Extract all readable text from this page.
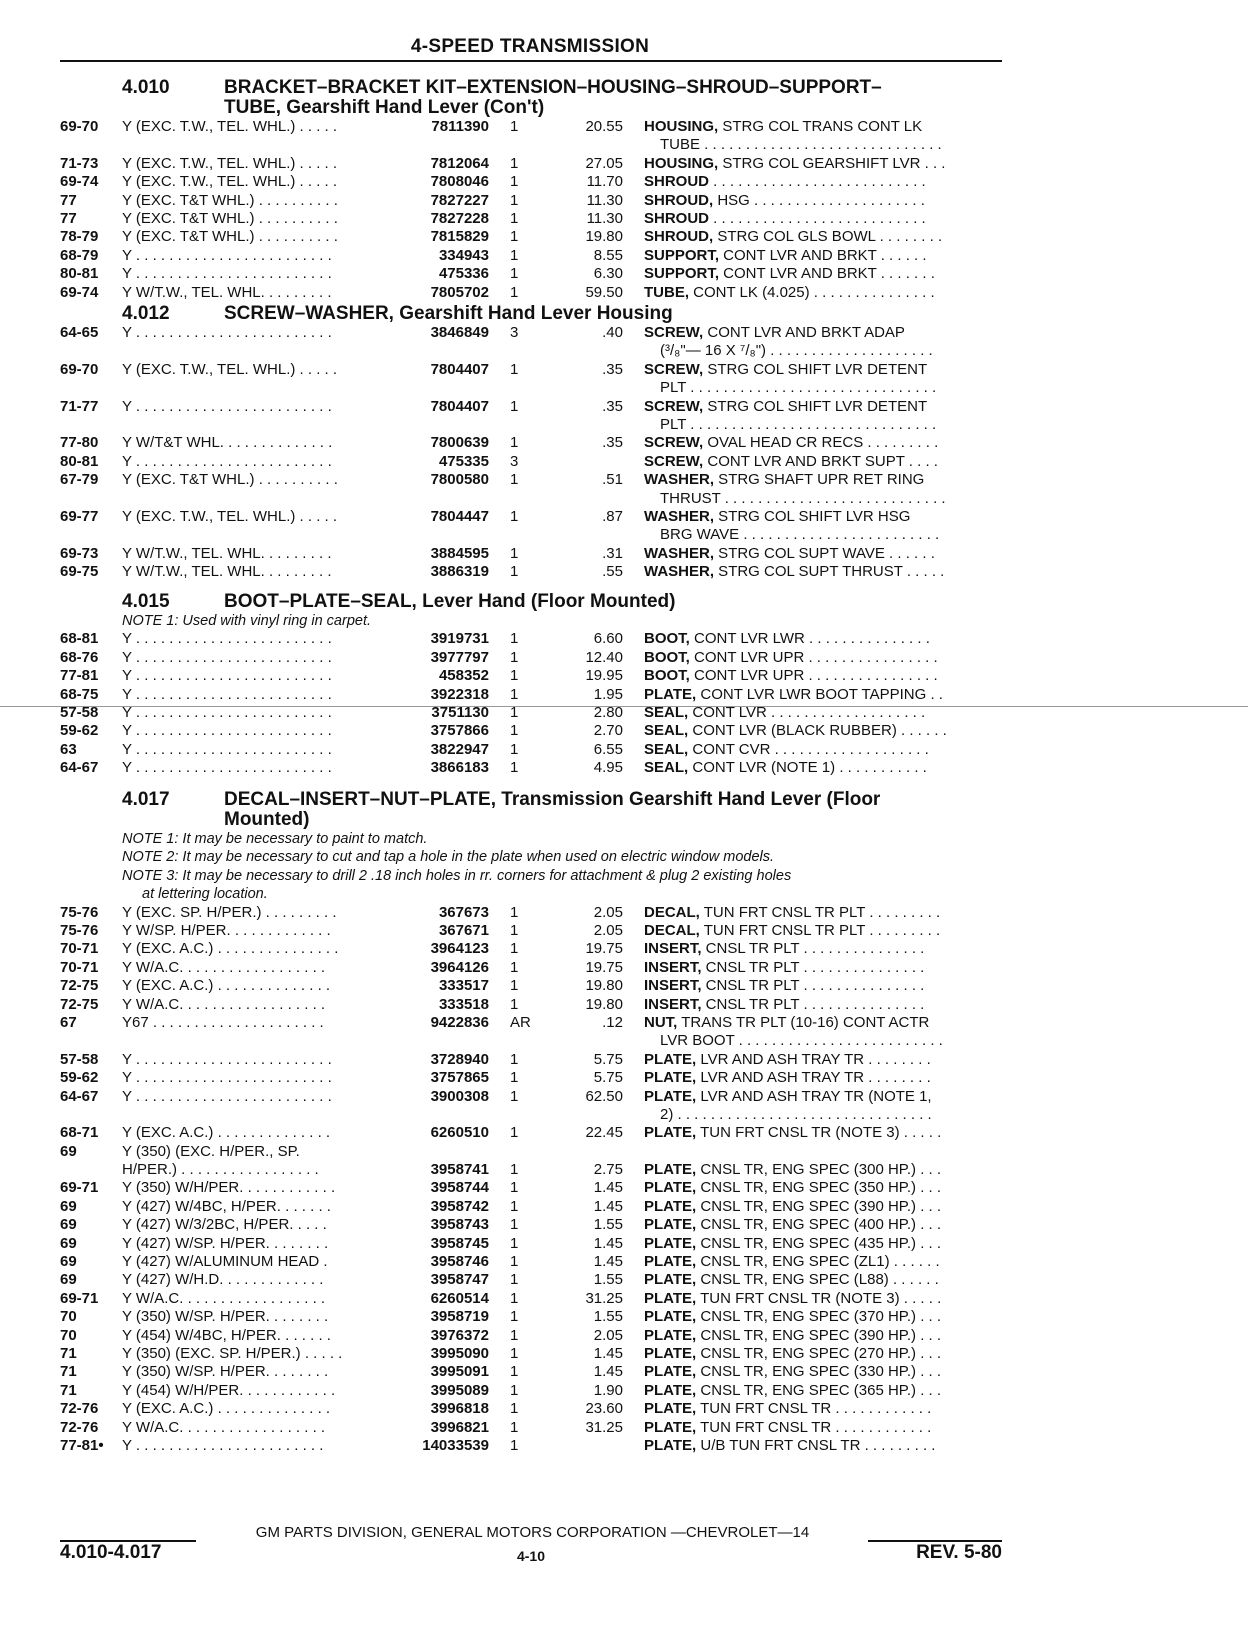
4-SPEED TRANSMISSION
4.010	BRACKET–BRACKET KIT–EXTENSION–HOUSING–SHROUD–SUPPORT–
TUBE, Gearshift Hand Lever (Con't)
69-70 Y (EXC. T.W., TEL. WHL.) . . . . .	7811390 1	20.55 HOUSING, STRG COL TRANS CONT LK
TUBE . . . . . . . . . . . . . . . . . . . . . . . . . . . . .
71-73 Y (EXC. T.W., TEL. WHL.) . . . . .	7812064 1	27.05 HOUSING, STRG COL GEARSHIFT LVR . . .
69-74 Y (EXC. T.W., TEL. WHL.) . . . . .	7808046 1	11.70 SHROUD . . . . . . . . . . . . . . . . . . . . . . . . . .
77	Y (EXC. T&T WHL.) . . . . . . . . . .	7827227 1	11.30 SHROUD, HSG . . . . . . . . . . . . . . . . . . . . .
77	Y (EXC. T&T WHL.) . . . . . . . . . .	7827228 1	11.30 SHROUD . . . . . . . . . . . . . . . . . . . . . . . . . .
78-79 Y (EXC. T&T WHL.) . . . . . . . . . .	7815829 1	19.80 SHROUD, STRG COL GLS BOWL . . . . . . . .
68-79 Y . . . . . . . . . . . . . . . . . . . . . . . .	334943 1	8.55 SUPPORT, CONT LVR AND BRKT . . . . . .
80-81 Y . . . . . . . . . . . . . . . . . . . . . . . .	475336 1	6.30 SUPPORT, CONT LVR AND BRKT . . . . . . .
69-74 Y W/T.W., TEL. WHL. . . . . . . . .	7805702 1	59.50 TUBE, CONT LK (4.025) . . . . . . . . . . . . . . .
4.012	SCREW–WASHER, Gearshift Hand Lever Housing
64-65 Y . . . . . . . . . . . . . . . . . . . . . . . .	3846849 3	.40 SCREW, CONT LVR AND BRKT ADAP
(³/₈"— 16 X ⁷/₈") . . . . . . . . . . . . . . . . . . . .
69-70 Y (EXC. T.W., TEL. WHL.) . . . . .	7804407 1	.35 SCREW, STRG COL SHIFT LVR DETENT
PLT . . . . . . . . . . . . . . . . . . . . . . . . . . . . . .
71-77 Y . . . . . . . . . . . . . . . . . . . . . . . .	7804407 1	.35 SCREW, STRG COL SHIFT LVR DETENT
PLT . . . . . . . . . . . . . . . . . . . . . . . . . . . . . .
77-80 Y W/T&T WHL. . . . . . . . . . . . . .	7800639 1	.35 SCREW, OVAL HEAD CR RECS . . . . . . . . .
80-81 Y . . . . . . . . . . . . . . . . . . . . . . . .	475335 3	SCREW, CONT LVR AND BRKT SUPT . . . .
67-79 Y (EXC. T&T WHL.) . . . . . . . . . .	7800580 1	.51 WASHER, STRG SHAFT UPR RET RING
THRUST . . . . . . . . . . . . . . . . . . . . . . . . . . .
69-77 Y (EXC. T.W., TEL. WHL.) . . . . .	7804447 1	.87 WASHER, STRG COL SHIFT LVR HSG
BRG WAVE . . . . . . . . . . . . . . . . . . . . . . . .
69-73 Y W/T.W., TEL. WHL. . . . . . . . .	3884595 1	.31 WASHER, STRG COL SUPT WAVE . . . . . .
69-75 Y W/T.W., TEL. WHL. . . . . . . . .	3886319 1	.55 WASHER, STRG COL SUPT THRUST . . . . .
4.015	BOOT–PLATE–SEAL, Lever Hand (Floor Mounted)
NOTE 1: Used with vinyl ring in carpet.
68-81 Y . . . . . . . . . . . . . . . . . . . . . . . .	3919731 1	6.60 BOOT, CONT LVR LWR . . . . . . . . . . . . . . .
68-76 Y . . . . . . . . . . . . . . . . . . . . . . . .	3977797 1	12.40 BOOT, CONT LVR UPR . . . . . . . . . . . . . . . .
77-81 Y . . . . . . . . . . . . . . . . . . . . . . . .	458352 1	19.95 BOOT, CONT LVR UPR . . . . . . . . . . . . . . . .
68-75 Y . . . . . . . . . . . . . . . . . . . . . . . .	3922318 1	1.95 PLATE, CONT LVR LWR BOOT TAPPING . .
57-58 Y . . . . . . . . . . . . . . . . . . . . . . . .	3751130 1	2.80 SEAL, CONT LVR . . . . . . . . . . . . . . . . . . .
59-62 Y . . . . . . . . . . . . . . . . . . . . . . . .	3757866 1	2.70 SEAL, CONT LVR (BLACK RUBBER) . . . . . .
63	Y . . . . . . . . . . . . . . . . . . . . . . . .	3822947 1	6.55 SEAL, CONT CVR . . . . . . . . . . . . . . . . . . .
64-67 Y . . . . . . . . . . . . . . . . . . . . . . . .	3866183 1	4.95 SEAL, CONT LVR (NOTE 1) . . . . . . . . . . .
4.017	DECAL–INSERT–NUT–PLATE, Transmission Gearshift Hand Lever (Floor
Mounted)
NOTE 1: It may be necessary to paint to match.
NOTE 2: It may be necessary to cut and tap a hole in the plate when used on electric window models.
NOTE 3: It may be necessary to drill 2 .18 inch holes in rr. corners for attachment & plug 2 existing holes
at lettering location.
75-76 Y (EXC. SP. H/PER.) . . . . . . . . .	367673 1	2.05 DECAL, TUN FRT CNSL TR PLT . . . . . . . . .
75-76 Y W/SP. H/PER. . . . . . . . . . . . .	367671 1	2.05 DECAL, TUN FRT CNSL TR PLT . . . . . . . . .
70-71 Y (EXC. A.C.) . . . . . . . . . . . . . . .	3964123 1	19.75 INSERT, CNSL TR PLT . . . . . . . . . . . . . . .
70-71 Y W/A.C. . . . . . . . . . . . . . . . . .	3964126 1	19.75 INSERT, CNSL TR PLT . . . . . . . . . . . . . . .
72-75 Y (EXC. A.C.) . . . . . . . . . . . . . .	333517 1	19.80 INSERT, CNSL TR PLT . . . . . . . . . . . . . . .
72-75 Y W/A.C. . . . . . . . . . . . . . . . . .	333518 1	19.80 INSERT, CNSL TR PLT . . . . . . . . . . . . . . .
67	Y67 . . . . . . . . . . . . . . . . . . . . .	9422836 AR	.12 NUT, TRANS TR PLT (10-16) CONT ACTR
LVR BOOT . . . . . . . . . . . . . . . . . . . . . . . . .
57-58 Y . . . . . . . . . . . . . . . . . . . . . . . .	3728940 1	5.75 PLATE, LVR AND ASH TRAY TR . . . . . . . .
59-62 Y . . . . . . . . . . . . . . . . . . . . . . . .	3757865 1	5.75 PLATE, LVR AND ASH TRAY TR . . . . . . . .
64-67 Y . . . . . . . . . . . . . . . . . . . . . . . .	3900308 1	62.50 PLATE, LVR AND ASH TRAY TR (NOTE 1,
2) . . . . . . . . . . . . . . . . . . . . . . . . . . . . . . .
68-71 Y (EXC. A.C.) . . . . . . . . . . . . . .	6260510 1	22.45 PLATE, TUN FRT CNSL TR (NOTE 3) . . . . .
69	Y (350) (EXC. H/PER., SP.
H/PER.) . . . . . . . . . . . . . . . . .	3958741 1	2.75 PLATE, CNSL TR, ENG SPEC (300 HP.) . . .
69-71 Y (350) W/H/PER. . . . . . . . . . . .	3958744 1	1.45 PLATE, CNSL TR, ENG SPEC (350 HP.) . . .
69	Y (427) W/4BC, H/PER. . . . . . .	3958742 1	1.45 PLATE, CNSL TR, ENG SPEC (390 HP.) . . .
69	Y (427) W/3/2BC, H/PER. . . . .	3958743 1	1.55 PLATE, CNSL TR, ENG SPEC (400 HP.) . . .
69	Y (427) W/SP. H/PER. . . . . . . .	3958745 1	1.45 PLATE, CNSL TR, ENG SPEC (435 HP.) . . .
69	Y (427) W/ALUMINUM HEAD .	3958746 1	1.45 PLATE, CNSL TR, ENG SPEC (ZL1) . . . . . .
69	Y (427) W/H.D. . . . . . . . . . . . .	3958747 1	1.55 PLATE, CNSL TR, ENG SPEC (L88) . . . . . .
69-71 Y W/A.C. . . . . . . . . . . . . . . . . .	6260514 1	31.25 PLATE, TUN FRT CNSL TR (NOTE 3) . . . . .
70	Y (350) W/SP. H/PER. . . . . . . .	3958719 1	1.55 PLATE, CNSL TR, ENG SPEC (370 HP.) . . .
70	Y (454) W/4BC, H/PER. . . . . . .	3976372 1	2.05 PLATE, CNSL TR, ENG SPEC (390 HP.) . . .
71	Y (350) (EXC. SP. H/PER.) . . . . .	3995090 1	1.45 PLATE, CNSL TR, ENG SPEC (270 HP.) . . .
71	Y (350) W/SP. H/PER. . . . . . . .	3995091 1	1.45 PLATE, CNSL TR, ENG SPEC (330 HP.) . . .
71	Y (454) W/H/PER. . . . . . . . . . . .	3995089 1	1.90 PLATE, CNSL TR, ENG SPEC (365 HP.) . . .
72-76 Y (EXC. A.C.) . . . . . . . . . . . . . .	3996818 1	23.60 PLATE, TUN FRT CNSL TR . . . . . . . . . . . .
72-76 Y W/A.C. . . . . . . . . . . . . . . . . .	3996821 1	31.25 PLATE, TUN FRT CNSL TR . . . . . . . . . . . .
77-81• Y . . . . . . . . . . . . . . . . . . . . . . .	14033539 1	PLATE, U/B TUN FRT CNSL TR . . . . . . . . .
GM PARTS DIVISION, GENERAL MOTORS CORPORATION —CHEVROLET—14
4.010-4.017	4-10	REV. 5-80
